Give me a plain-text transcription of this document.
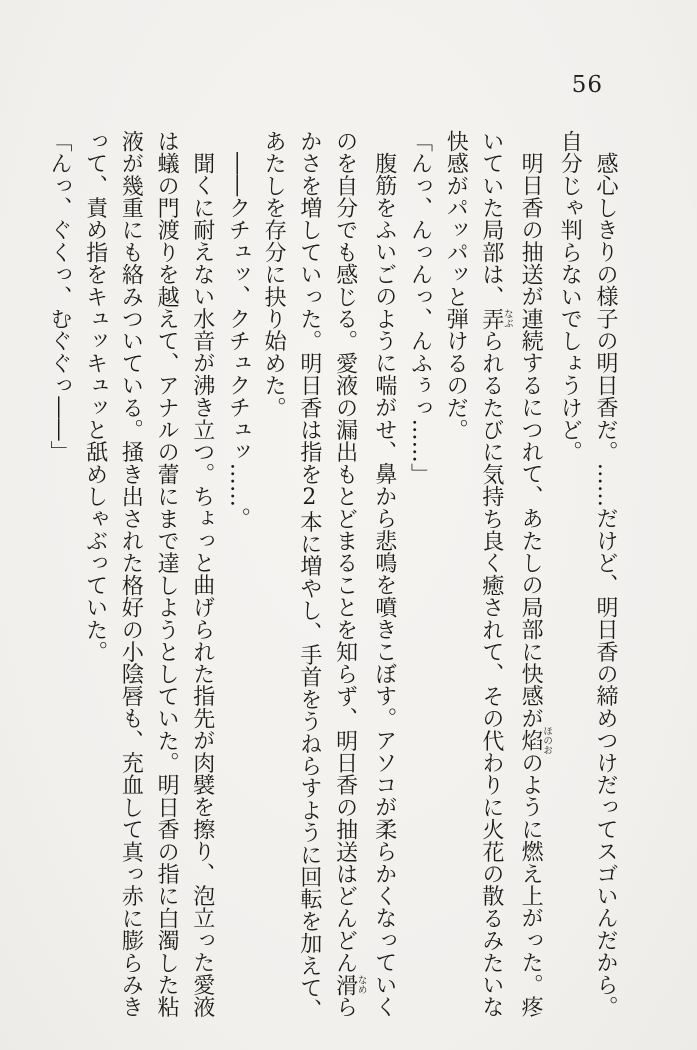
56
感心しきりの様子の明日香だ。……だけど、明日香の締めつけだってスゴいんだから。
自分じゃ判らないでしょうけど。
明日香の抽送が連続するにつれて、あたしの局部に快感が焰ほのおのように燃え上がった。疼
いていた局部は、弄なぶられるたびに気持ち良く癒されて、その代わりに火花の散るみたいな
快感がパッパッと弾けるのだ。
「んっ、んっんっ、んふぅっ……」
腹筋をふいごのように喘がせ、鼻から悲鳴を噴きこぼす。アソコが柔らかくなっていく
のを自分でも感じる。愛液の漏出もとどまることを知らず、明日香の抽送はどんどん滑なめら
かさを増していった。明日香は指を2本に増やし、手首をうねらすように回転を加えて、
あたしを存分に抉り始めた。
――クチュッ、クチュクチュッ……。
聞くに耐えない水音が沸き立つ。ちょっと曲げられた指先が肉襞を擦り、泡立った愛液
は蟻の門渡りを越えて、アナルの蕾にまで達しようとしていた。明日香の指に白濁した粘
液が幾重にも絡みついている。掻き出された格好の小陰唇も、充血して真っ赤に膨らみき
って、責め指をキュッキュッと舐めしゃぶっていた。
「んっ、ぐくっ、むぐぐっ――」
